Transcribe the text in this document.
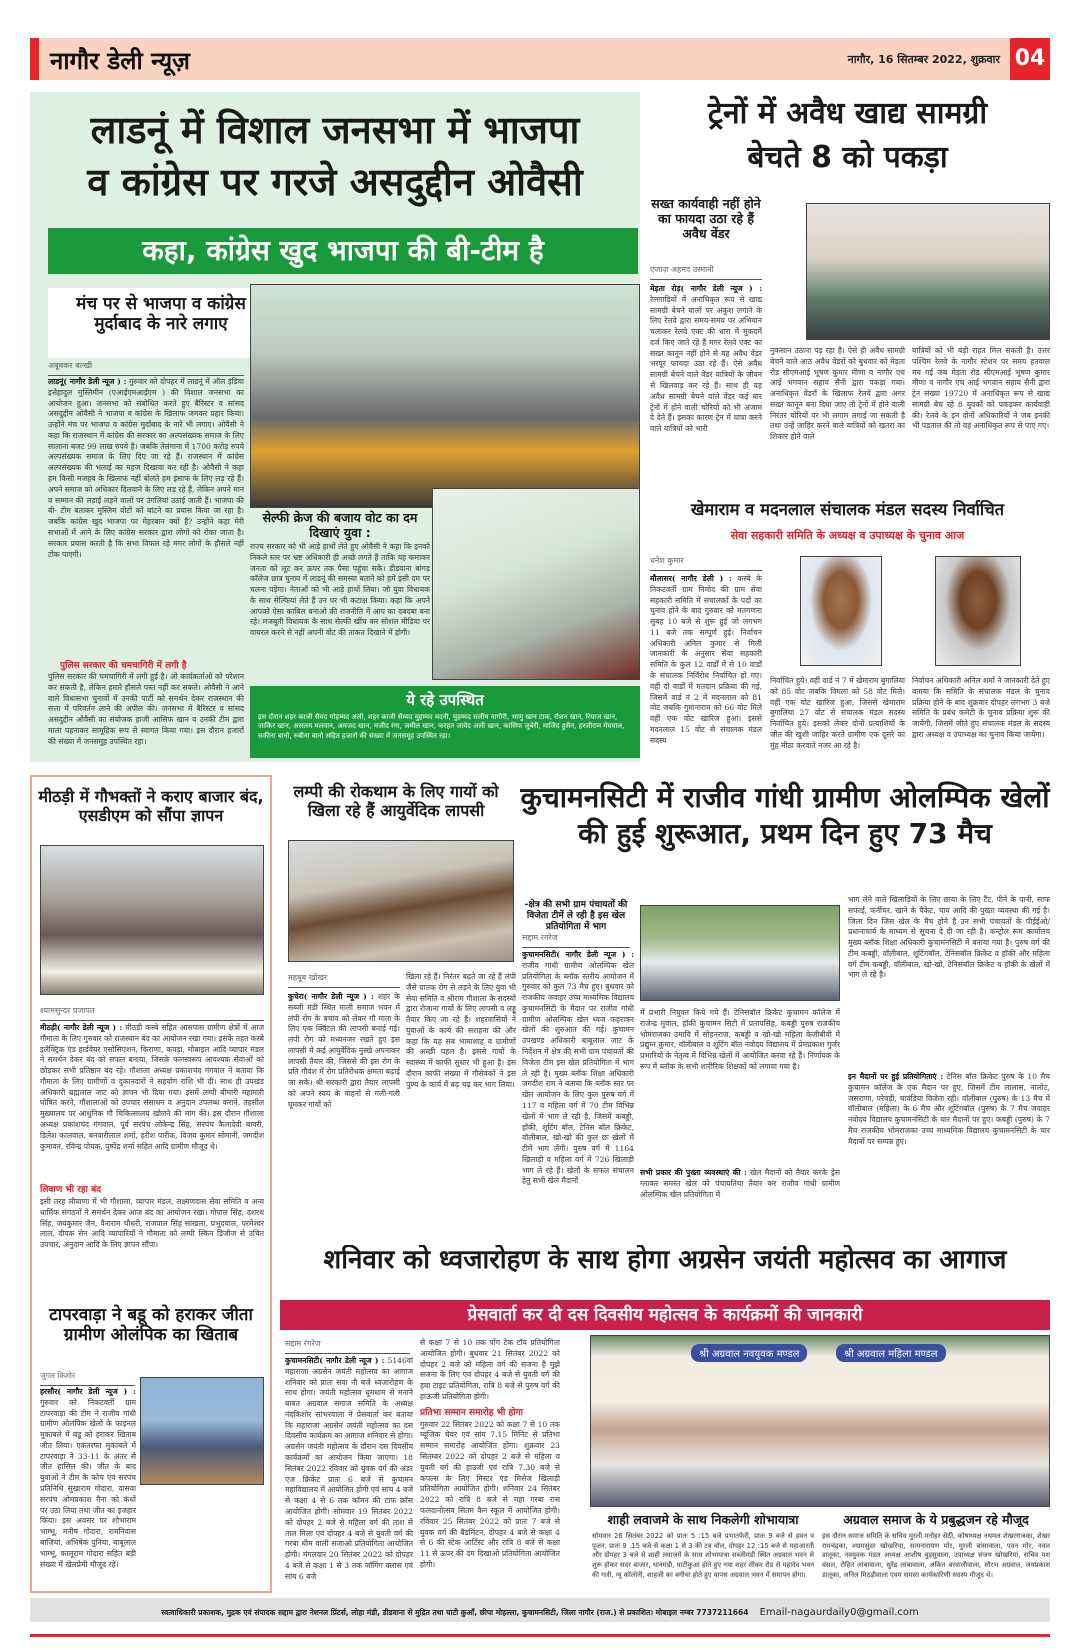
नागौर डेली न्यूज़	नागौर, 16 सितम्बर 2022, शुक्रवार 04
लाडनूं में विशाल जनसभा में भाजपा
व कांग्रेस पर गरजे असदुद्दीन ओवैसी
कहा, कांग्रेस खुद भाजपा की बी-टीम है
मंच पर से भाजपा व कांग्रेस मुर्दाबाद के नारे लगाए
अबूबकर बल्खी
लाडनूं( नागौर डेली न्यूज ) : गुरुवार को दोपहर में लाडनूं में ऑल इंडिया इत्तेहादुल मुस्लिमीन (एआईएमआईएम ) की विशाल जनसभा का आयोजन हुआ। जनसभा को संबोधित करते हुए बैरिस्टर व सांसद असदुद्दीन ओवैसी ने भाजपा व कांग्रेस के खिलाफ जमकर प्रहार किया। उन्होंने मंच पर भाजपा व कांग्रेस मुर्दाबाद के नारे भी लगाए। ओवैसी ने कहा कि राजस्थान में कांग्रेस की सरकार का अल्पसंख्यक समाज के लिए सालाना बजट 99 लाख रुपये है। जबकि तेलंगाना में 1700 करोड़ रुपये अल्पसंख्यक समाज के लिए दिए जा रहे हैं। राजस्थान में कांग्रेस अल्पसंख्यक की भलाई का महज दिखावा कर रही है। ओवैसी ने कहा हम किसी मजहब के खिलाफ नहीं बोलते हम इंसाफ के लिए लड़ रहे हैं। अपने समाज को अधिकार दिलवाने के लिए लड़ रहे हैं, लेकिन अपने मान व सम्मान की लड़ाई लड़ने वालों पर उंगलियां उठाई जाती हैं। भाजपा की बी- टीम बताकर मुस्लिम वोटों को बांटने का प्रयास किया जा रहा है। जबकि कांग्रेस खुद भाजपा पर मेहरबान क्यों हैं? उन्होंने कहा मेरी सभाओं में आने के लिए कांग्रेस सरकार द्वारा लोगों को रोका जाता है। सरकार प्रयास करती है कि सभा विफल रहे मगर लोगों के हौसले नहीं टोक पाएगी।
पुलिस सरकार की चमचागिरी में लगी है
पुलिस सरकार की चमचागिरी में लगी हुई है। ओ कार्यकर्ताओं को परेशान कर सकती है, लेकिन हमारे हौसले पस्त नहीं कर सकते। ओवैसी ने आने वाले विधासभा चुनावों में उनकी पार्टी को समर्थन देकर राजस्थान की सत्ता में परिवर्तन लाने की अपील की। जनसभा में बैरिस्टर व सांसद असदुद्दीन ओवैसी का संयोजक हाजी आसिफ खान व उनकी टीम द्वारा माला पहनाकर सामूहिक रूप से स्वागत किया गया। इस दौरान हजारों की संख्या में जनसमूह उपस्थित रहा।
सेल्फी क्रेज की बजाय वोट का दम दिखाएं युवा :
राज्य सरकार को भी आड़े हाथों लेते हुए ओवैसी ने कहा कि इनको निकले स्तर पर भ्रष्ट अधिकारी ही अच्छे लगते हैं ताकि यह कमाकर जनता को लूट कर ऊपर तक पैसा पहुंचा सके। डीडवाना बांगड़ कॉलेज छात्र चुनाव में लाडनूं की समस्या बताने को हमें इसी दम पर चलना पड़ेगा। नेताओं को भी आड़े हाथों लिया। जो युवा विधायक के साथ सेल्फियां लेते हैं उन पर भी कटाक्ष किया। कहा कि अपने आपको ऐसा काबिल बनाओ की राजनीति में आप का दबदबा बना रहे। मजबूती विधायक के साथ सेल्फी खींच कर सोशल मीडिया पर वायरल करने से नहीं अपनी वोट की ताकत दिखाने में होगी।
ये रहे उपस्थित
इस दौरान शहर काजी सैयद मोहम्मद अली, शहर काजी सैय्यद मुहम्मद मदनी, मुहम्मद सलीम नागौरी, भाणु खान टाक, रोशन खान, रियाज खान, जाकिर खान, असलम मलवान, अमजद खान, मजीद रंगा, जमील खान, फरहत जावेद अली खान, कासिफ जुबेरी, माजिद हुसैन, हरजीराम मेघवाल, सकीना बानो, रुबीना बानो सहित हजारों की संख्या में जनसमूह उपस्थित रहा।
ट्रेनों में अवैध खाद्य सामग्री
बेचते 8 को पकड़ा
सख्त कार्यवाही नहीं होने का फायदा उठा रहे हैं अवैध वेंडर
एजाज़ अहमद उस्मानी
मेड़ता रोड़( नागौर डेली न्यूज ) : रेलगाड़ियों में अनाधिकृत रूप से खाद्य सामग्री बेचने वालों पर अंकुश लगाने के लिए रेलवे द्वारा समय-समय पर अभियान चलाकर रेलवे एक्ट की धारा में मुकदमें दर्ज किए जाते रहे हैं मगर रेलवे एक्ट का सख्त कानून नहीं होने से यह अवैध वेंडर भरपूर फायदा उठा रहे हैं। ऐसे अवैध सामग्री बेचने वाले वेंडर यात्रियों के जीवन से खिलवाड़ कर रहे हैं। साथ ही यह अवैध सामग्री बेचने वाले वेंडर कई बार ट्रेनों में होने वाली चोरियों को भी अंजाम दे देते हैं। इसका कारण ट्रेन में यात्रा करने वाले यात्रियों को भारी
नुकसान उठाना पड़ रहा है। ऐसे ही अवैध सामग्री बेचने वाले आठ अवैध वेंडरों को बुधवार को मेड़ता रोड सीएमआई भूषण कुमार मीणा व नागौर एच आई भगवान सहाय सैनी द्वारा पकड़ा गया। अनाधिकृत वेंडरों के खिलाफ रेलवे द्वारा अगर सख्त कानून बना दिया जाए तो ट्रेनों में होने वाली निरंतर चोरियों पर भी लगाम लगाई जा सकती है तथा उन्हें जाहिर करने वाले यात्रियों को खतरा का शिकार होने वाले
यात्रियों को भी बड़ी राहत मिल सकती है। उत्तर पश्चिम रेलवे के नागौर स्टेशन पर समय हतवाल मय गई जब मेड़ता रोड सीएमआई भूषण कुमार मीणा व नागौर एच आई भगवान सहाय सैनी द्वारा ट्रेन संख्या 19720 में अनाधिकृत रूप से खाद्य सामग्री बेच रहे 8 युवकों को पकड़कर कार्यवाही की। रेलवे के इन दोनों अधिकारियों ने जब इनकी भी पड़ताल की तो वह अनाधिकृत रूप से पाए गए।
खेमाराम व मदनलाल संचालक मंडल सदस्य निर्वाचित
सेवा सहकारी समिति के अध्यक्ष व उपाध्यक्ष के चुनाव आज
धनेश कुमार
मौलासर( नागौर डेली ) : कस्बे के निकटवर्ती ग्राम निमोद की ग्राम सेवा सहकारी समिति में संचालकों के पदों का चुनाव होने के बाद गुरुवार को मतगणना सुबह 10 बजे से शुरू हुई जो लगभग 11 बजे तक सम्पूर्ण हुई। निर्वाचन अधिकारी अनिल कुमार से मिली जानकारी के अनुसार सेवा सहकारी समिति के कुल 12 वार्डों में से 10 वार्डों के संचालक निर्विरोध निर्वाचित हो गए। वहीं दो वार्डों में मतदान प्रक्रिया की गई, जिसमें वार्ड नं 2 में मदनलाल को 81 वोट जबकि गुमानाराम को 66 वोट मिले वहीं एक वोट खारिज हुआ। इससे मदनलाल 15 वोट से संचालक मंडल सदस्य
निर्वाचित हुये। वहीं वार्ड नं 7 में खेमाराम बुगालिया को 85 वोट जबकि विमला को 58 वोट मिले। वहीं एक वोट खारिज हुआ, जिससे खेमाराम बुगालिया 27 वोट से संचालक मंडल सदस्य निर्वाचित हुये। इसको लेकर दोनों प्रत्याशियों के जीत की खुशी जाहिर करते ग्रामीण एक दूसरे का मुंह मीठा करवाते नजर आ रहे है।
निर्वाचन अधिकारी अनिल शर्मा ने जानकारी देते हुए बताया कि समिति के संचालक मंडल के चुनाव प्रक्रिया होने के बाद शुक्रवार दोपहर लगभग 3 बजे समिति के प्रबंध कमेटी के चुनाव प्रक्रिया शुरू की जायेगी, जिसमें जीते हुए संचालक मंडल के सदस्य द्वारा अध्यक्ष व उपाध्यक्ष का चुनाव किया जायेगा।
मीठड़ी में गौभक्तों ने कराए बाजार बंद, एसडीएम को सौंपा ज्ञापन
श्यामसुन्दर प्रजापत
मीठड़ी( नागौर डेली न्यूज ) : मीठड़ी कस्बे सहित आसपास ग्रामीण क्षेत्रों में आज गौमाता के लिए गुरुवार को राजस्थान बंद का आयोजन रखा गया। इसके तहत कस्बे इलेक्ट्रिक एंड हार्डवेयर एसोसिएशन, किराणा, कपड़ा, मोबाइल आदि व्यापार मंडल ने समर्थन देकर बंद को सफल बनाया, जिसके फलस्वरूप आवश्यक सेवाओं को छोड़कर सभी प्रतिष्ठान बंद रहे। गौशाला अध्यक्ष प्रकाशचंद गंगवाल ने बताया कि गौमाता के लिए ग्रामीणों व दुकानदारों ने सहयोग राशि भी दी। साथ ही उपखंड अधिकारी ब्रह्मलाल जाट को ज्ञापन भी दिया गया। इसमें लम्पी बीमारी महामारी घोषित करने, गौशालाओं को उपचार संसाधन व अनुदान उपलब्ध कराने, तहसील मुख्यालय पर आधुनिक गौ चिकित्सालय खोलने की मांग की। इस दौरान गौशाला अध्यक्ष प्रकाशचंद गंगवाल, पूर्व सरपंच लोकेन्द्र सिंह, सरपंच कैलादेवी बावरी, डिलेश कालवाल, बनवारीलाल शर्मा, हरीश पारीक, विजय कुमार सोमानी, जगदीश कुमावत, रविन्द्र पोयक, पुष्पेंद्र शर्मा सहित आदि ग्रामीण मौजूद थे।
लिवाण भी रहा बंद
इसी तरह लीयाणा में भी गौशाला, व्यापार मंडल, लक्ष्मणदास सेवा समिति व अन्य धार्मिक संगठनों ने समर्थन देकर आज बंद का आयोजन रखा। गोपाल सिंह, दशरथ सिंह, जयकुमार जैन, वैनाराम चौधरी, राजपाल सिंह सांखला, प्रभुदयाल, परमेश्वर लाल, दीपक सेन आदि व्यापारियों ने गौमाता को लम्पी स्किन डिजीज से उचित उपचार, अनुदान आदि के लिए ज्ञापन सौंपा।
टापरवाड़ा ने बडू को हराकर जीता ग्रामीण ओलंपिक का खिताब
जुगल किशोर
हरसौर( नागौर डेली न्यूज ) : गुरुवार को निकटवर्ती ग्राम टापरवाड़ा की टीम ने राजीव गांधी ग्रामीण ओलंपिक खेलों के फाइनल मुकाबले में बडू को हराकर खिताब जीत लिया। एकतरफा मुकाबले में टापरवाड़ा ने 33-11 के अंतर से जीत हासिल की। जीत के बाद युवाओं ने टीम के कोच एवं सरपंच प्रतिनिधि सुखाराम गोदारा, वासवा सरपंच ओमप्रकाश गैना को कंधों पर उठा लिया तथा जीत का इजहार किया। इस अवसर पर शोभाराम भाम्भू, मनीष गोदारा, रामनिवास बाजियां, अभिषेक पुनिया, बाबूलाल भाम्भू, कालूराम गोदारा सहित बड़ी संख्या में खेलप्रेमी मौजूद रहे।
लम्पी की रोकथाम के लिए गायों को खिला रहे हैं आयुर्वेदिक लापसी
महबूब खोखर
कुचेरा( नागौर डेली न्यूज ) : शहर के सब्जी मंडी स्थित माली समाज भवन में लंपी रोग के बचाव को लेकर गौ माता के लिए एक क्विंटल की लापसी बनाई गई। लंपी रोग को मध्यनजर रखते हुए इस लापसी में कई आयुर्वेदिक नुस्खे अपनाकर लापसी तैयार की, जिससे की इस रोग के प्रति गौवंश में रोग प्रतिरोधक क्षमता बढ़ाई जा सके। श्री सरकारी द्वारा तैयार लापसी को अपने स्वयं के वाहनों से गली-गली घूमकर गायों को
खिला रहे हैं। निरंतर बढ़ते जा रहे हैं लंपी जैसे घातक रोग से लड़ने के लिए युवा भी सेवा समिति व श्रीराम गौशाला के सदस्यों द्वारा रोजाना गायों के लिए लापसी व लड्डू तैयार किए जा रहे हैं। शहरवासियों ने युवाओं के कार्य की सराहना की और कहा कि यह सब भामाशाह व ग्रामीणों की अच्छी पहल है। इससे गायों के स्वास्थ्य में काफी सुधार भी हुआ है। इस दौरान काफी संख्या में गौसेवकों ने इस पुण्य के कार्य में बढ़ चढ़ कर भाग लिया।
कुचामनसिटी में राजीव गांधी ग्रामीण ओलम्पिक खेलों की हुई शुरूआत, प्रथम दिन हुए 73 मैच
-क्षेत्र की सभी ग्राम पंचायतों की विजेता टीमें ले रही है इस खेल प्रतियोगिता में भाग
सद्दाम रंगरेज
कुचामनसिटी( नागौर डेली न्यूज ) : राजीव गांधी ग्रामीण ओलम्पिक खेल प्रतियोगिता के ब्लॉक स्तरीय आयोजन में गुरुवार को कुल 73 मैच हुए। बुधवार को राजकीय जवाहर उच्च माध्यमिक विद्यालय कुचामनसिटी के मैदान पर राजीव गांधी ग्रामीण ओलम्पिक खेल ध्वज फहराकर खेलों की शुरुआत की गई। कुचामन उपखण्ड अधिकारी बाबूलाल जाट के निर्देशन में क्षेत्र की सभी ग्राम पंचायतों की विजेता टीम इस खेल प्रतियोगिता में भाग ले रही है। मुख्य ब्लॉक शिक्षा अधिकारी जगदीश राम ने बताया कि ब्लॉक स्तर पर खेल आयोजन के लिए कुल पुरुष वर्ग में 117 व महिला वर्ग में 70 टीम विभिन्न खेलों में भाग ले रही है, जिसमें कबड्डी, हॉकी, शूटिंग बॉल, टेनिस बॉल क्रिकेट, वॉलीबाल, खो-खो की कुल छः खेलों में टीमें भाग लेंगी। पुरुष वर्ग में 1164 खिलाड़ी व महिला वर्ग में 726 खिलाड़ी भाग ले रहे हैं। खेलों के सफल संचालन हेतु सभी खेल मैदानों
में प्रभारी नियुक्त किये गये हैं। टेनिसबॉल क्रिकेट कुचामन कॉलेज में राजेन्द्र मुवाल, हॉकी कुचामन सिटी में प्रतापसिंह, कबड्डी पुरुष राजकीय भोमराजका उमावि में सोहनराज, कबड्डी व खो-खो महिला केजीबीवी में प्रद्युम्न कुमार, वॉलीबाल व शूटिंग बॉल नवोदय विद्यालय में प्रेमप्रकाश गुर्जर प्रभारियों के नेतृत्व में विभिन्न खेलों में आयोजित करवा रहे हैं। निर्णायक के रूप में ब्लॉक के सभी शारीरिक शिक्षकों को लगाया गया है।
सभी प्रकार की पुख्ता व्यवस्थाएं की : खेल मैदानों को तैयार करके ड्रेस ग्लाकर समस्त खेल को पंचायतिया तैयार कर राजीव गांधी ग्रामीण ओलम्पिक खेल प्रतियोगिता में
भाग लेने वाले खिलाड़ियों के लिए छाया के लिए टैंट, पीने के पानी, साफ सफाई, फर्नीचर, खाने के पैकेट, चाय आदि की पुख्ता व्यवस्था की गई है। जिला दिन जिस खेल के मैच होने है उन सभी पंचायतों के पीईईओ/प्रधानाचार्य के माध्यम से सूचना दे दी जा रही है। कन्ट्रोल रूम कार्यालय मुख्य ब्लॉक शिक्षा अधिकारी कुचामनसिटी में बनाया गया है। पुरुष वर्ग की टीम कबड्डी, वॉलीबाल, शूटिंगबॉल, टेनिसबॉल क्रिकेट व हॉकी और महिला वर्ग टीम कबड्डी, वॉलीबाल, खो-खो, टेनिसबॉल क्रिकेट व हॉकी के खेलों में भाग ले रहे है।
इन मैदानों पर हुई प्रतियोगिताएं : टेनिस बॉल क्रिकेट पुरुष के 10 मैच कुचामन कॉलेज के एक मैदान पर हुए, जिसमें टीम लालास, नालोट, जसराणा, परेवड़ी, चावंडिया विजेता रही। वॉलीबाल (पुरुष) के 13 मैच में वॉलीबाल (महिला) के 6 मैच और शूटिंगबॉल (पुरुष) के 7 मैच जवाहर नवोदय विद्यालय कुचामनसिटी के चार मैदानों पर हुए। कबड्डी (पुरुष) के 7 मैच राजकीय भोमराजका उच्च माध्यमिक विद्यालय कुचामनसिटी के चार मैदानों पर सम्पन्न हुए।
शनिवार को ध्वजारोहण के साथ होगा अग्रसेन जयंती महोत्सव का आगाज
प्रेसवार्ता कर दी दस दिवसीय महोत्सव के कार्यक्रमों की जानकारी
सद्दाम रंगरेज
कुचामनसिटी( नागौर डेली न्यूज ) : 5146वां महाराजा अग्रसेन जयंती महोत्सव का आगाज शनिवार को प्रातः सवा नौ बजे ध्वजारोहण के साथ होगा। जयंती महोत्सव धूमधाम से मनाने बाबत अग्रवाल समाज समिति के अध्यक्ष नंदकिशोर सांभरवाला ने प्रेसवार्ता कर बताया कि महाराजा अग्रसेन जयंती महोत्सव का दस दिवसीय कार्यक्रम का आगाज शनिवार से होगा। अग्रसेन जयंती महोत्सव के दौरान दस दिवसीय कार्यक्रमों का आयोजन किया जाएगा। 18 सितंबर 2022 रविवार को युवक वर्ग की अंडर एज क्रिकेट प्रातः 6 बजे से कुचामन महाविद्यालय में आयोजित होगी एवं सांय 4 बजे से कक्षा 4 से 6 तक कॉमन की टाफ क्रॉस आयोजित होगी। सोमवार 19 सितंबर 2022 को दोपहर 2 बजे से महिला वर्ग की ताश से ताल मिला एवं दोपहर 4 बजे से युवती वर्ग की गरबा धीम वाली सजाओ प्रतियोगिता आयोजित होगी। मंगलवार 20 सितंबर 2022 को दोपहर 4 बजे से कक्षा 1 से 3 तक जॉगिंग क्लास एवं सांय 6 बजे
से कक्षा 7 से 10 तक पोंग टेक टॉय प्रतियोगिता आयोजित होगी। बुधवार 21 सितंबर 2022 को दोपहर 2 बजे को महिला वर्ग की सजना है मुझे सजना के लिए एवं दोपहर 4 बजे से युवती वर्ग की हवा टाइट प्रतियोगिता, रात्रि 8 बजे से पुरुष वर्ग की हाऊजी प्रतियोगिता होगी।
प्रतिभा सम्मान समारोह भी होगा
गुरुवार 22 सितंबर 2022 को कक्षा 7 से 10 तक म्यूजिक चेयर एवं सांय 7.15 मिनिट से प्रतिभा सम्मान समारोह आयोजित होगा। शुक्रवार 23 सितम्बर 2022 को दोपहर 2 बजे से महिला व युवती वर्ग की हाउजी एवं रात्रि 7.30 बजे से कपल्स के लिए मिस्टर एंड मिसेज खिलाड़ी प्रतियोगिता आयोजित होगी। शनिवार 24 सितंबर 2022 को रात्रि 8 बजे से महा गरबा रास फलदानोत्सव सितम कैन स्कूल में आयोजित होगी। रविवार 25 सितंबर 2022 को प्रातः 7 बजे से युवक वर्ग की बैडमिंटन, दोपहर 4 बजे से कक्षा 4 से 6 की स्टेक आर्टिस्ट और रात्रि 8 बजे से कक्षा 11 से ऊपर की दम दिखाओ प्रतियोगिता आयोजित होगी।
श्री अग्रवाल नवयुवक मण्डल	श्री अग्रवाल महिला मण्डल
शाही लवाजमे के साथ निकलेगी शोभायात्रा
सोमवार 26 सितंबर 2022 को प्रातः 5 :15 बजे प्रभातफेरी, प्रातः 9 बजे से हवन व पूजन, प्रातः 9 .15 बजे से कक्षा 1 से 3 की टब बॉल, दोपहर 12 :15 बजे से महाआरती और दोपहर 3 बजे से शाही लवाजमे के साथ शोभायात्रा सब्जीमंडी स्थित अग्रवाल भवन से शुरू होकर सदर बाजार, धानमंडी, घाटीकुआं होते हुए नया शहर सीकर रोड से महादेव भवन की गली, न्यू कॉलोनी, शाहजी का बगीचा होते हुए वापस अग्रवाल भवन में समापन होगा।
अग्रवाल समाज के ये प्रबुद्धजन रहे मौजूद
इस दौरान समाज समिति के सचिव मुरली मनोहर सेठी, कोषाध्यक्ष नथमल शेखरराजका, शेखर रामचंद्रका, श्यामसुंदर खोखरिया, सत्यनारायण मोर, मुरली बांसावाला, पवन मोर, नवल डालूका, नवयुवक मंडल अध्यक्ष आशीष बुड़सुवाला, उपाध्यक्ष संजय खोखरियां, सचिव यश बंसल, रोहित लांबावाला, सुरेंद्र लांबावाला, अंकित बरवालीवाला, सौरभ अग्रवाल, जयप्रकाश डालूका, अनिल मिठड़ीवाला एवम समस्त कार्यकारिणी सदस्य मौजूद थे।
स्वत्वाधिकारी प्रकाशक, मुद्रक एवं संपादक सद्दाम द्वारा नेशनल प्रिंटर्स, लोहा मंडी, डीडवाना से मुद्रित तथा घाटी कुआँ, छीपा मोहल्ला, कुचामनसिटी, जिला नागौर (राज.) से प्रकाशित। मोबाइल नम्बर 7737211664 Email-nagaurdaily0@gmail.com
